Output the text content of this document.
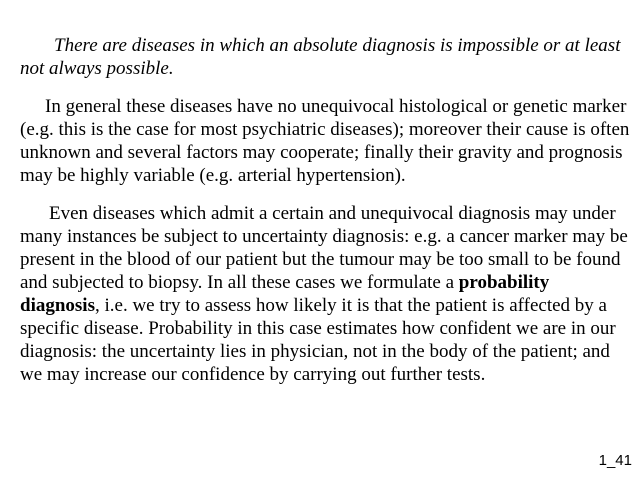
There are diseases in which an absolute diagnosis is impossible or at least not always possible.

In general these diseases have no unequivocal histological or genetic marker (e.g. this is the case for most psychiatric diseases); moreover their cause is often unknown and several factors may cooperate; finally their gravity and prognosis may be highly variable (e.g. arterial hypertension).

Even diseases which admit a certain and unequivocal diagnosis may under many instances be subject to uncertainty diagnosis: e.g. a cancer marker may be present in the blood of our patient but the tumour may be too small to be found and subjected to biopsy. In all these cases we formulate a probability diagnosis, i.e. we try to assess how likely it is that the patient is affected by a specific disease. Probability in this case estimates how confident we are in our diagnosis: the uncertainty lies in physician, not in the body of the patient; and we may increase our confidence by carrying out further tests.

1_41
